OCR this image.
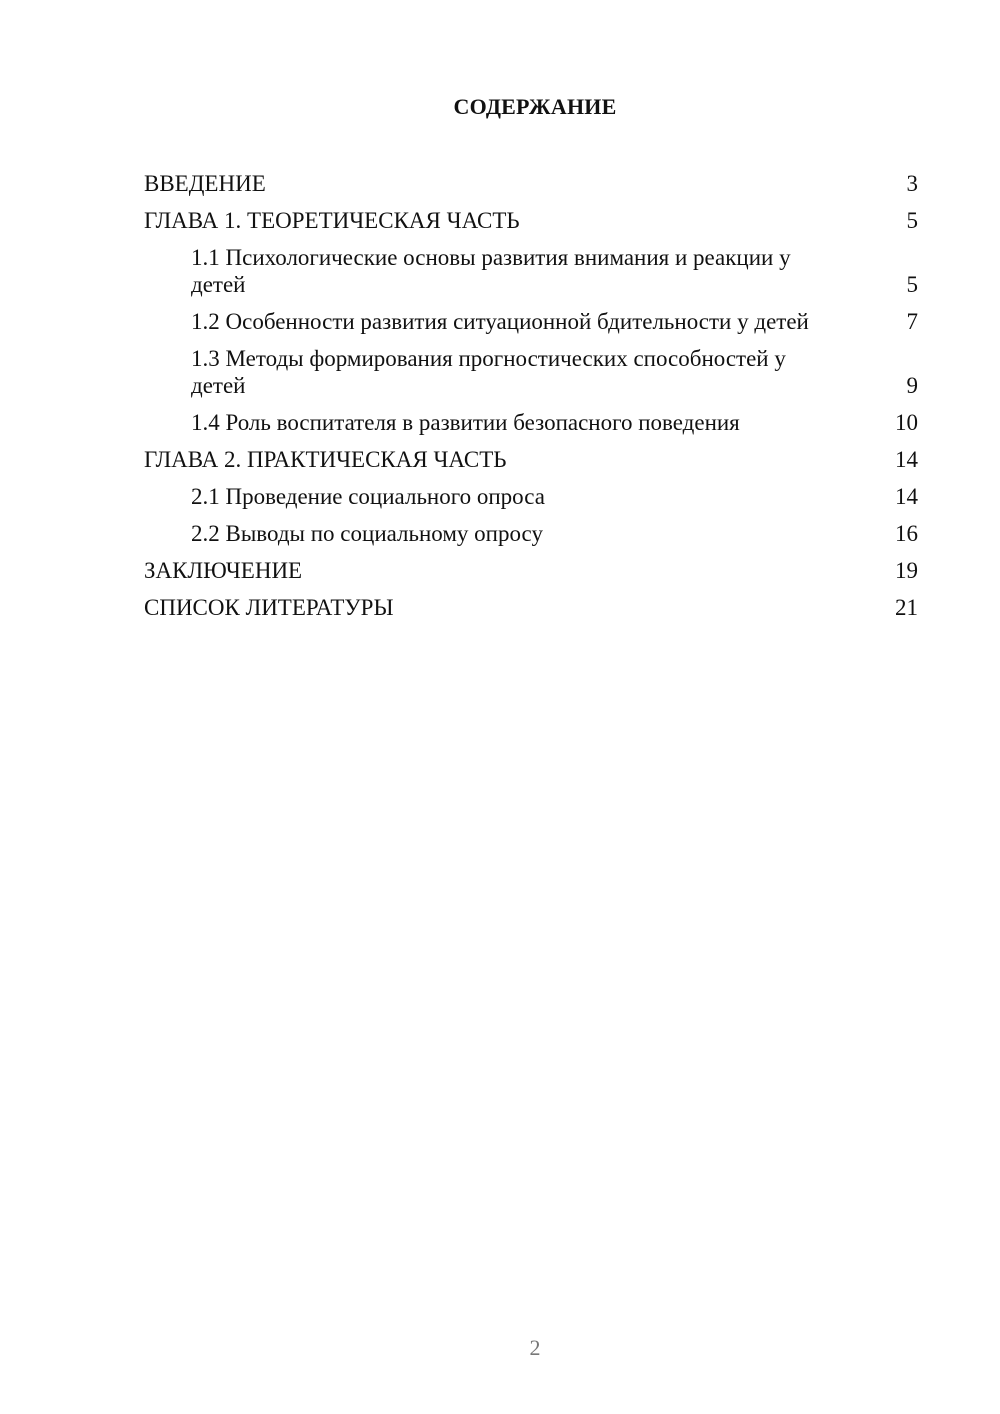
СОДЕРЖАНИЕ
ВВЕДЕНИЕ	3
ГЛАВА 1. ТЕОРЕТИЧЕСКАЯ ЧАСТЬ	5
1.1 Психологические основы развития внимания и реакции у детей	5
1.2 Особенности развития ситуационной бдительности у детей	7
1.3 Методы формирования прогностических способностей у детей	9
1.4 Роль воспитателя в развитии безопасного поведения	10
ГЛАВА 2. ПРАКТИЧЕСКАЯ ЧАСТЬ	14
2.1 Проведение социального опроса	14
2.2 Выводы по социальному опросу	16
ЗАКЛЮЧЕНИЕ	19
СПИСОК ЛИТЕРАТУРЫ	21
2
